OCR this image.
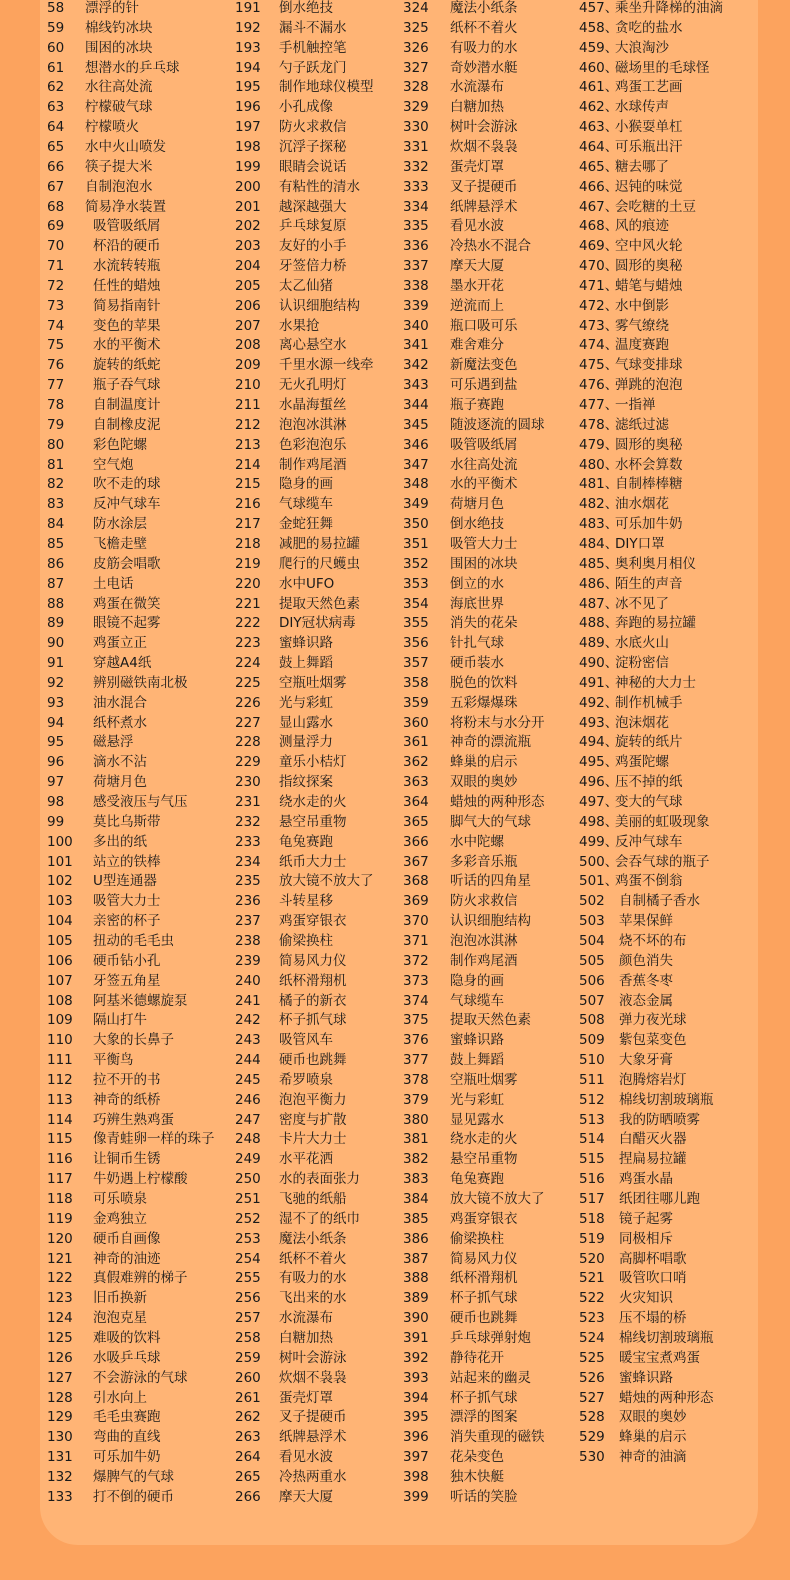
58 漂浮的针
59 棉线钓冰块
60 围困的冰块
61 想潜水的乒乓球
62 水往高处流
63 柠檬破气球
64 柠檬喷火
65 水中火山喷发
66 筷子提大米
67 自制泡泡水
68 简易净水装置
69 吸管吸纸屑
70 杯沿的硬币
71 水流转转瓶
72 任性的蜡烛
73 简易指南针
74 变色的苹果
75 水的平衡术
76 旋转的纸蛇
77 瓶子吞气球
78 自制温度计
79 自制橡皮泥
80 彩色陀螺
81 空气炮
82 吹不走的球
83 反冲气球车
84 防水涂层
85 飞檐走壁
86 皮筋会唱歌
87 土电话
88 鸡蛋在微笑
89 眼镜不起雾
90 鸡蛋立正
91 穿越A4纸
92 辨别磁铁南北极
93 油水混合
94 纸杯煮水
95 磁悬浮
96 滴水不沾
97 荷塘月色
98 感受液压与气压
99 莫比乌斯带
100 多出的纸
101 站立的铁棒
102 U型连通器
103 吸管大力士
104 亲密的杯子
105 扭动的毛毛虫
106 硬币钻小孔
107 牙签五角星
108 阿基米德螺旋泵
109 隔山打牛
110 大象的长鼻子
111 平衡鸟
112 拉不开的书
113 神奇的纸桥
114 巧辨生熟鸡蛋
115 像青蛙卵一样的珠子
116 让铜币生锈
117 牛奶遇上柠檬酸
118 可乐喷泉
119 金鸡独立
120 硬币自画像
121 神奇的油迹
122 真假难辨的梯子
123 旧币换新
124 泡泡克星
125 难吸的饮料
126 水吸乒乓球
127 不会游泳的气球
128 引水向上
129 毛毛虫赛跑
130 弯曲的直线
131 可乐加牛奶
132 爆脾气的气球
133 打不倒的硬币
191 倒水绝技
192 漏斗不漏水
193 手机触控笔
194 勺子跃龙门
195 制作地球仪模型
196 小孔成像
197 防火求救信
198 沉浮子探秘
199 眼睛会说话
200 有粘性的清水
201 越深越强大
202 乒乓球复原
203 友好的小手
204 牙签倍力桥
205 太乙仙猪
206 认识细胞结构
207 水果抢
208 离心悬空水
209 千里水源一线牵
210 无火孔明灯
211 水晶海蜇丝
212 泡泡冰淇淋
213 色彩泡泡乐
214 制作鸡尾酒
215 隐身的画
216 气球缆车
217 金蛇狂舞
218 减肥的易拉罐
219 爬行的尺蠖虫
220 水中UFO
221 提取天然色素
222 DIY冠状病毒
223 蜜蜂识路
224 鼓上舞蹈
225 空瓶吐烟雾
226 光与彩虹
227 显山露水
228 测量浮力
229 童乐小桔灯
230 指纹探案
231 绕水走的火
232 悬空吊重物
233 龟兔赛跑
234 纸币大力士
235 放大镜不放大了
236 斗转星移
237 鸡蛋穿银衣
238 偷梁换柱
239 简易风力仪
240 纸杯滑翔机
241 橘子的新衣
242 杯子抓气球
243 吸管风车
244 硬币也跳舞
245 希罗喷泉
246 泡泡平衡力
247 密度与扩散
248 卡片大力士
249 水平花洒
250 水的表面张力
251 飞驰的纸船
252 湿不了的纸巾
253 魔法小纸条
254 纸杯不着火
255 有吸力的水
256 飞出来的水
257 水流瀑布
258 白糖加热
259 树叶会游泳
260 炊烟不袅袅
261 蛋壳灯罩
262 叉子提硬币
263 纸牌悬浮术
264 看见水波
265 冷热两重水
266 摩天大厦
324 魔法小纸条
325 纸杯不着火
326 有吸力的水
327 奇妙潜水艇
328 水流瀑布
329 白糖加热
330 树叶会游泳
331 炊烟不袅袅
332 蛋壳灯罩
333 叉子提硬币
334 纸牌悬浮术
335 看见水波
336 冷热水不混合
337 摩天大厦
338 墨水开花
339 逆流而上
340 瓶口吸可乐
341 难舍难分
342 新魔法变色
343 可乐遇到盐
344 瓶子赛跑
345 随波逐流的圆球
346 吸管吸纸屑
347 水往高处流
348 水的平衡术
349 荷塘月色
350 倒水绝技
351 吸管大力士
352 围困的冰块
353 倒立的水
354 海底世界
355 消失的花朵
356 针扎气球
357 硬币装水
358 脱色的饮料
359 五彩爆爆珠
360 将粉末与水分开
361 神奇的漂流瓶
362 蜂巢的启示
363 双眼的奥妙
364 蜡烛的两种形态
365 脚气大的气球
366 水中陀螺
367 多彩音乐瓶
368 听话的四角星
369 防火求救信
370 认识细胞结构
371 泡泡冰淇淋
372 制作鸡尾酒
373 隐身的画
374 气球缆车
375 提取天然色素
376 蜜蜂识路
377 鼓上舞蹈
378 空瓶吐烟雾
379 光与彩虹
380 显见露水
381 绕水走的火
382 悬空吊重物
383 龟兔赛跑
384 放大镜不放大了
385 鸡蛋穿银衣
386 偷梁换柱
387 简易风力仪
388 纸杯滑翔机
389 杯子抓气球
390 硬币也跳舞
391 乒乓球弹射炮
392 静待花开
393 站起来的幽灵
394 杯子抓气球
395 漂浮的图案
396 消失重现的磁铁
397 花朵变色
398 独木快艇
399 听话的笑脸
457、
乘坐升降梯的油滴
458、
贪吃的盐水
459、
大浪淘沙
460、
磁场里的毛球怪
461、
鸡蛋工艺画
462、
水球传声
463、
小猴耍单杠
464、
可乐瓶出汗
465、
糖去哪了
466、
迟钝的味觉
467、
会吃糖的土豆
468、
风的痕迹
469、
空中风火轮
470、
圆形的奥秘
471、
蜡笔与蜡烛
472、
水中倒影
473、
雾气缭绕
474、
温度赛跑
475、
气球变排球
476、
弹跳的泡泡
477、
一指禅
478、
滤纸过滤
479、
圆形的奥秘
480、
水杯会算数
481、
自制棒棒糖
482、
油水烟花
483、
可乐加牛奶
484、
DIY口罩
485、
奥利奥月相仪
486、
陌生的声音
487、
冰不见了
488、
奔跑的易拉罐
489、
水底火山
490、
淀粉密信
491、
神秘的大力士
492、
制作机械手
493、
泡沫烟花
494、
旋转的纸片
495、
鸡蛋陀螺
496、
压不掉的纸
497、
变大的气球
498、
美丽的虹吸现象
499、
反冲气球车
500、
会吞气球的瓶子
501、
鸡蛋不倒翁
502 自制橘子香水
503 苹果保鲜
504 烧不坏的布
505 颜色消失
506 香蕉冬枣
507 液态金属
508 弹力夜光球
509 紫包菜变色
510 大象牙膏
511 泡腾熔岩灯
512 棉线切割玻璃瓶
513 我的防晒喷雾
514 白醋灭火器
515 捏扁易拉罐
516 鸡蛋水晶
517 纸团往哪儿跑
518 镜子起雾
519 同极相斥
520 高脚杯唱歌
521 吸管吹口哨
522 火灾知识
523 压不塌的桥
524 棉线切割玻璃瓶
525 暖宝宝煮鸡蛋
526 蜜蜂识路
527 蜡烛的两种形态
528 双眼的奥妙
529 蜂巢的启示
530 神奇的油滴
